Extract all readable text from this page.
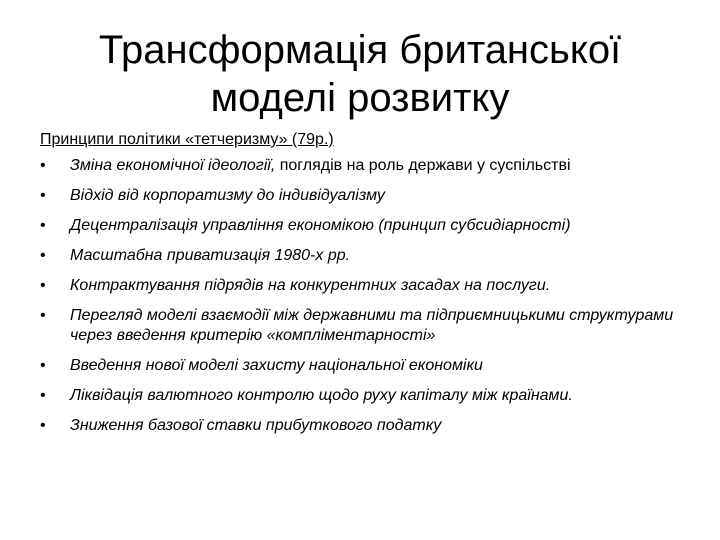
Трансформація британської
моделі розвитку
Принципи політики «тетчеризму» (79р.)
•	Зміна економічної ідеології, поглядів на роль держави у суспільстві
•	Відхід від корпоратизму до індивідуалізму
•	Децентралізація управління економікою (принцип субсидіарності)
•	Масштабна приватизація 1980-х рр.
•	Контрактування підрядів на конкурентних засадах на послуги.
•	Перегляд моделі взаємодії між державними та підприємницькими структурами через введення критерію «компліментарності»
•	Введення нової моделі захисту національної економіки
•	Ліквідація валютного контролю щодо руху капіталу між країнами.
•	Зниження базової ставки прибуткового податку
